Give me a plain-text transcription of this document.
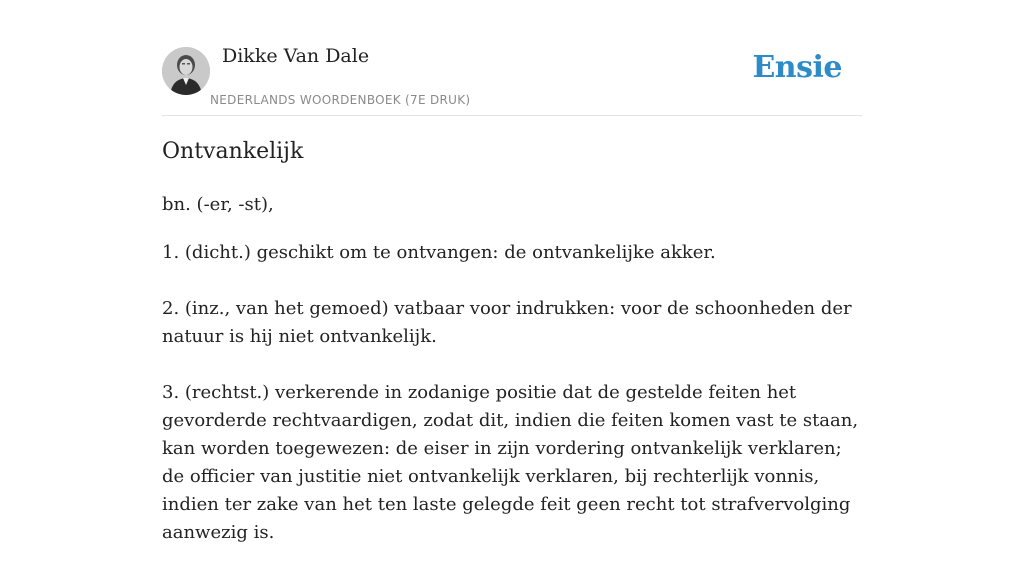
Dikke Van Dale
NEDERLANDS WOORDENBOEK (7E DRUK)
Ensie
Ontvankelijk
bn. (-er, -st),

1. (dicht.) geschikt om te ontvangen: de ontvankelijke akker.

2. (inz., van het gemoed) vatbaar voor indrukken: voor de schoonheden der natuur is hij niet ontvankelijk.

3. (rechtst.) verkerende in zodanige positie dat de gestelde feiten het gevorderde rechtvaardigen, zodat dit, indien die feiten komen vast te staan, kan worden toegewezen: de eiser in zijn vordering ontvankelijk verklaren; de officier van justitie niet ontvankelijk verklaren, bij rechterlijk vonnis, indien ter zake van het ten laste gelegde feit geen recht tot strafvervolging aanwezig is.
